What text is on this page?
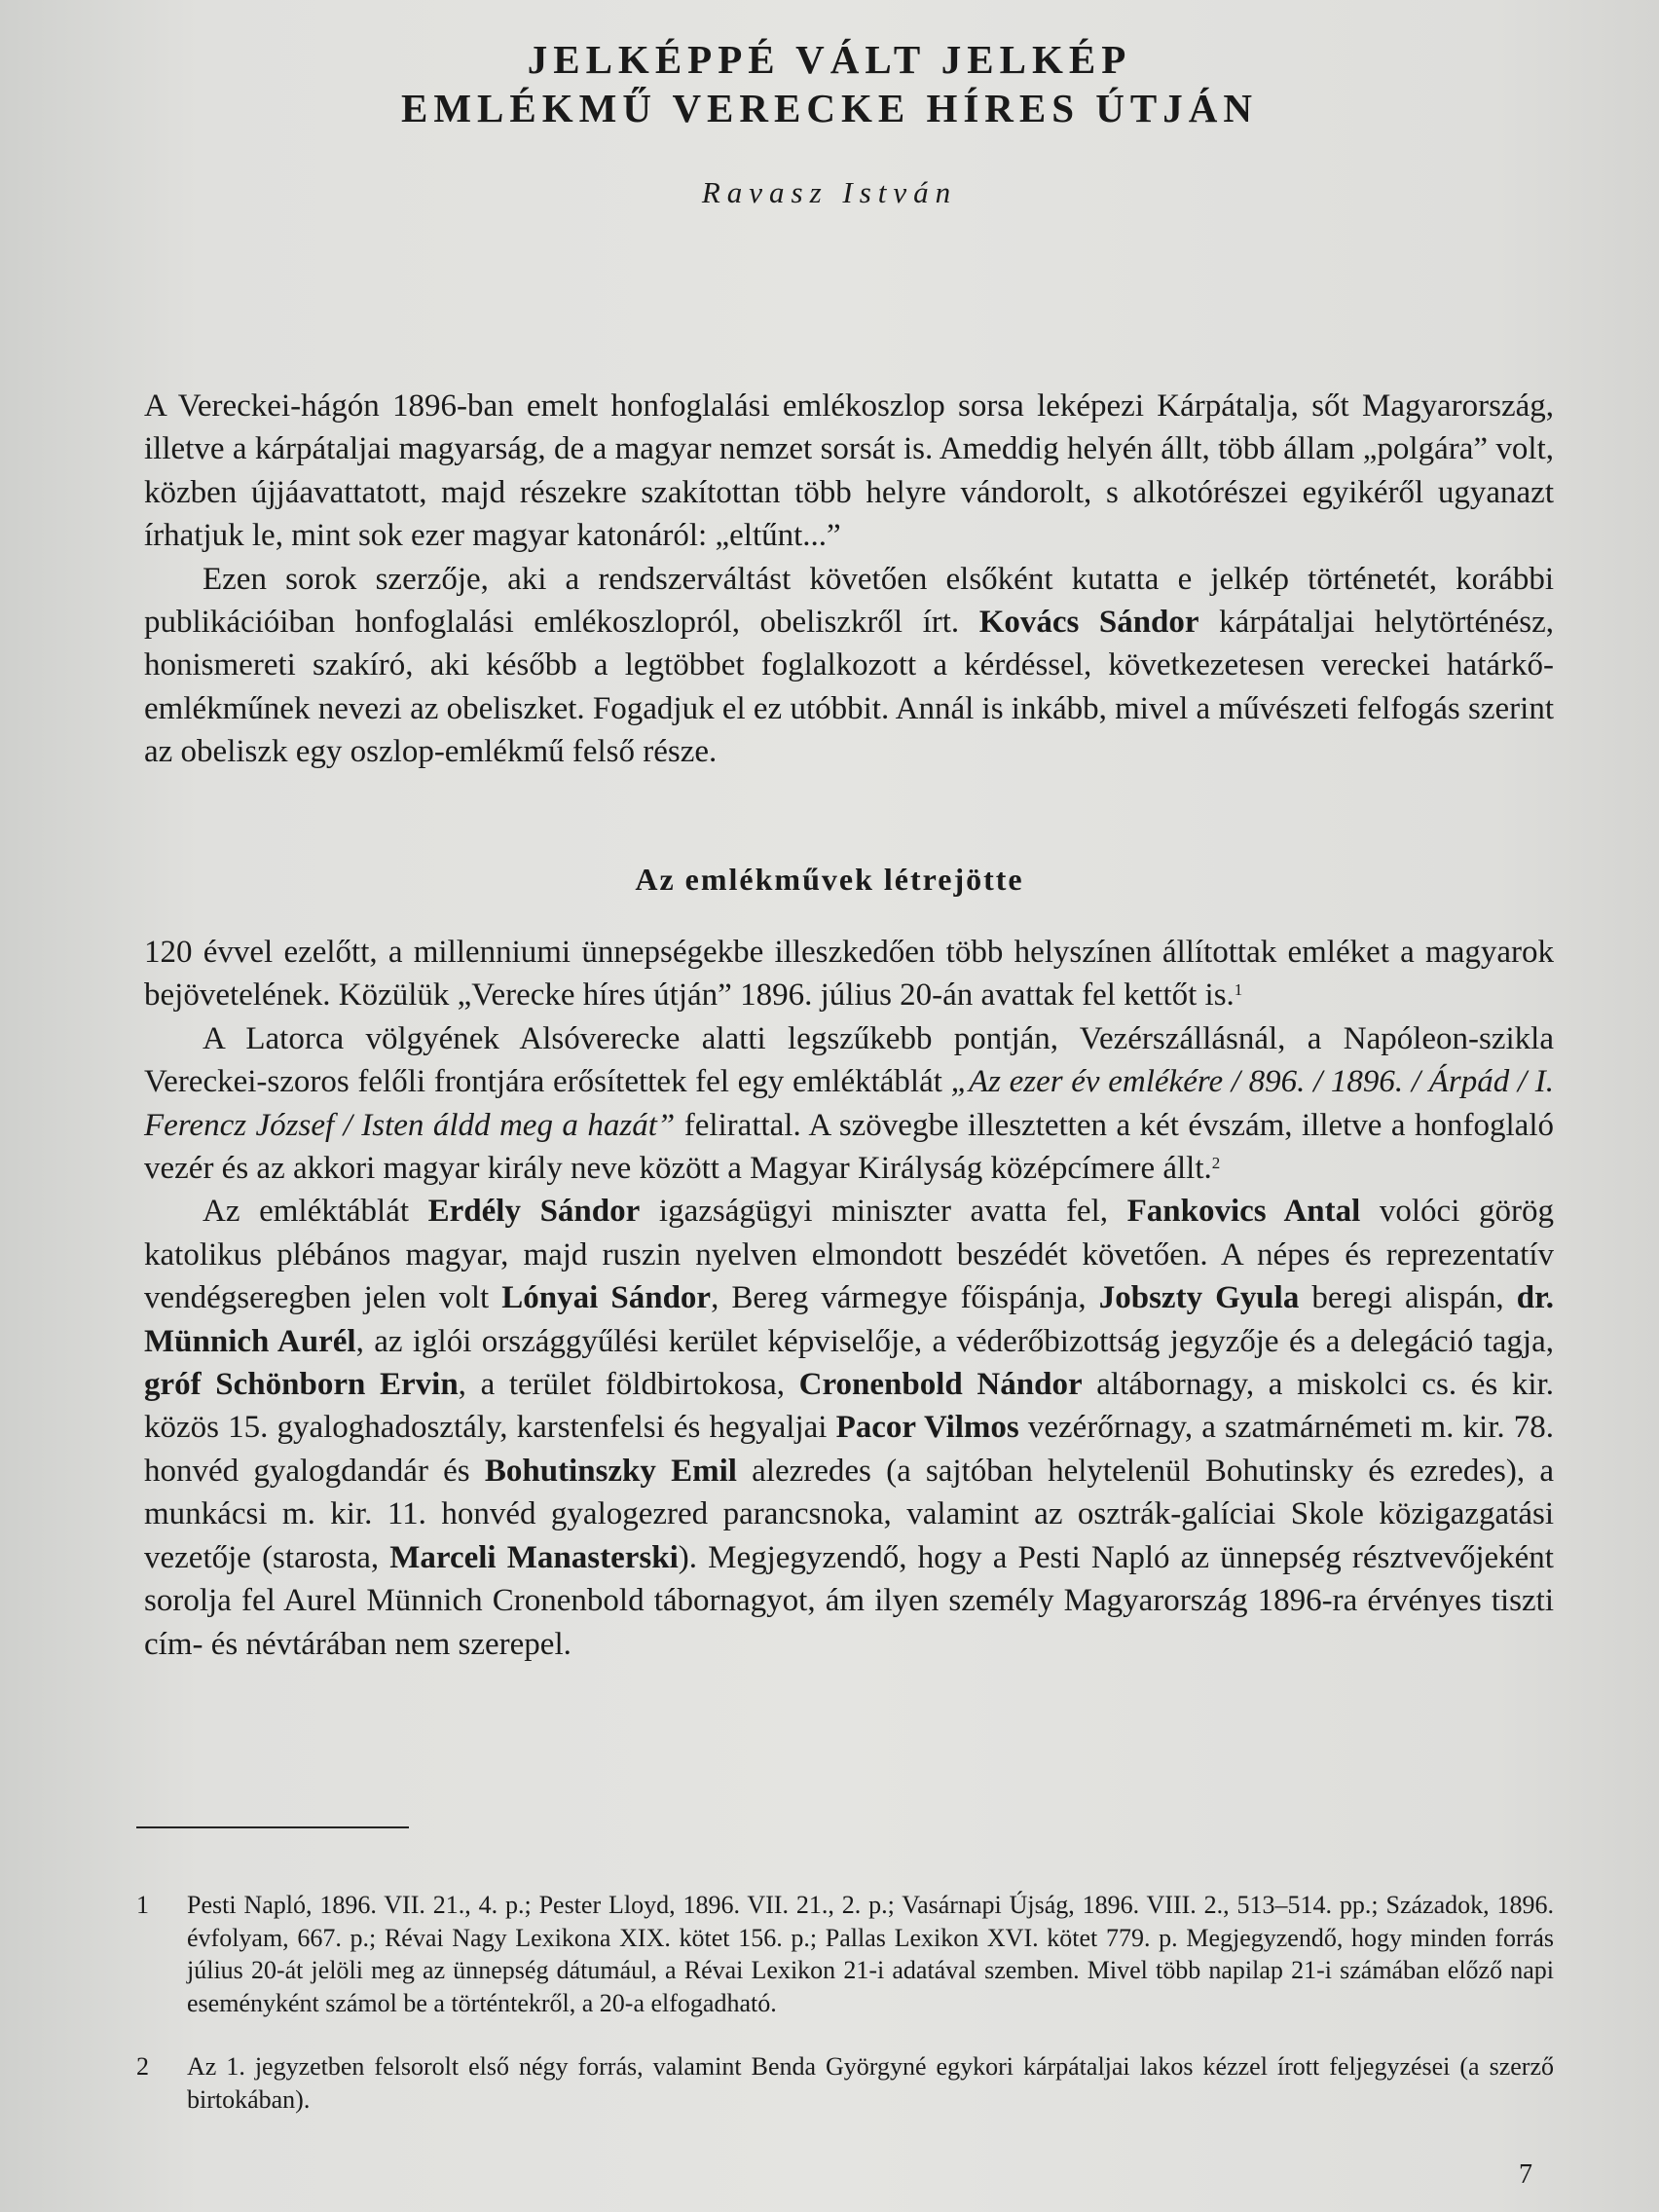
JELKÉPPÉ VÁLT JELKÉP
EMLÉKMŰ VERECKE HÍRES ÚTJÁN
Ravasz István

A Vereckei-hágón 1896-ban emelt honfoglalási emlékoszlop sorsa leképezi Kárpátalja, sőt Magyarország, illetve a kárpátaljai magyarság, de a magyar nemzet sorsát is. Ameddig helyén állt, több állam „polgára” volt, közben újjáavattatott, majd részekre szakítottan több helyre vándorolt, s alkotórészei egyikéről ugyanazt írhatjuk le, mint sok ezer magyar katonáról: „eltűnt...”

Ezen sorok szerzője, aki a rendszerváltást követően elsőként kutatta e jelkép történetét, korábbi publikációiban honfoglalási emlékoszlopról, obeliszkről írt. Kovács Sándor kárpátaljai helytörténész, honismereti szakíró, aki később a legtöbbet foglalkozott a kérdéssel, következetesen vereckei határkő-emlékműnek nevezi az obeliszket. Fogadjuk el ez utóbbit. Annál is inkább, mivel a művészeti felfogás szerint az obeliszk egy oszlop-emlékmű felső része.

Az emlékművek létrejötte

120 évvel ezelőtt, a millenniumi ünnepségekbe illeszkedően több helyszínen állítottak emléket a magyarok bejövetelének. Közülük „Verecke híres útján” 1896. július 20-án avattak fel kettőt is.$^1$

A Latorca völgyének Alsóverecke alatti legszűkebb pontján, Vezérszállásnál, a Napóleon-szikla Vereckei-szoros felőli frontjára erősítettek fel egy emléktáblát „Az ezer év emlékére / 896. / 1896. / Árpád / I. Ferencz József / Isten áldd meg a hazát” felirattal. A szövegbe illesztetten a két évszám, illetve a honfoglaló vezér és az akkori magyar király neve között a Magyar Királyság középcímere állt.$^2$

Az emléktáblát Erdély Sándor igazságügyi miniszter avatta fel, Fankovics Antal volóci görög katolikus plébános magyar, majd ruszin nyelven elmondott beszédét követően. A népes és reprezentatív vendégseregben jelen volt Lónyai Sándor, Bereg vármegye főispánja, Jobszty Gyula beregi alispán, dr. Münnich Aurél, az iglói országgyűlési kerület képviselője, a véderőbizottság jegyzője és a delegáció tagja, gróf Schönborn Ervin, a terület földbirtokosa, Cronenbold Nándor altábornagy, a miskolci cs. és kir. közös 15. gyaloghadosztály, karstenfelsi és hegyaljai Pacor Vilmos vezérőrnagy, a szatmárnémeti m. kir. 78. honvéd gyalogdandár és Bohutinszky Emil alezredes (a sajtóban helytelenül Bohutinsky és ezredes), a munkácsi m. kir. 11. honvéd gyalogezred parancsnoka, valamint az osztrák-galíciai Skole közigazgatási vezetője (starosta, Marceli Manasterski). Megjegyzendő, hogy a Pesti Napló az ünnepség résztvevőjeként sorolja fel Aurel Münnich Cronenbold tábornagyot, ám ilyen személy Magyarország 1896-ra érvényes tiszti cím- és névtárában nem szerepel.

1 Pesti Napló, 1896. VII. 21., 4. p.; Pester Lloyd, 1896. VII. 21., 2. p.; Vasárnapi Újság, 1896. VIII. 2., 513–514. pp.; Századok, 1896. évfolyam, 667. p.; Révai Nagy Lexikona XIX. kötet 156. p.; Pallas Lexikon XVI. kötet 779. p. Megjegyzendő, hogy minden forrás július 20-át jelöli meg az ünnepség dátumául, a Révai Lexikon 21-i adatával szemben. Mivel több napilap 21-i számában előző napi eseményként számol be a történtekről, a 20-a elfogadható.
2 Az 1. jegyzetben felsorolt első négy forrás, valamint Benda Györgyné egykori kárpátaljai lakos kézzel írott feljegyzései (a szerző birtokában).
7
